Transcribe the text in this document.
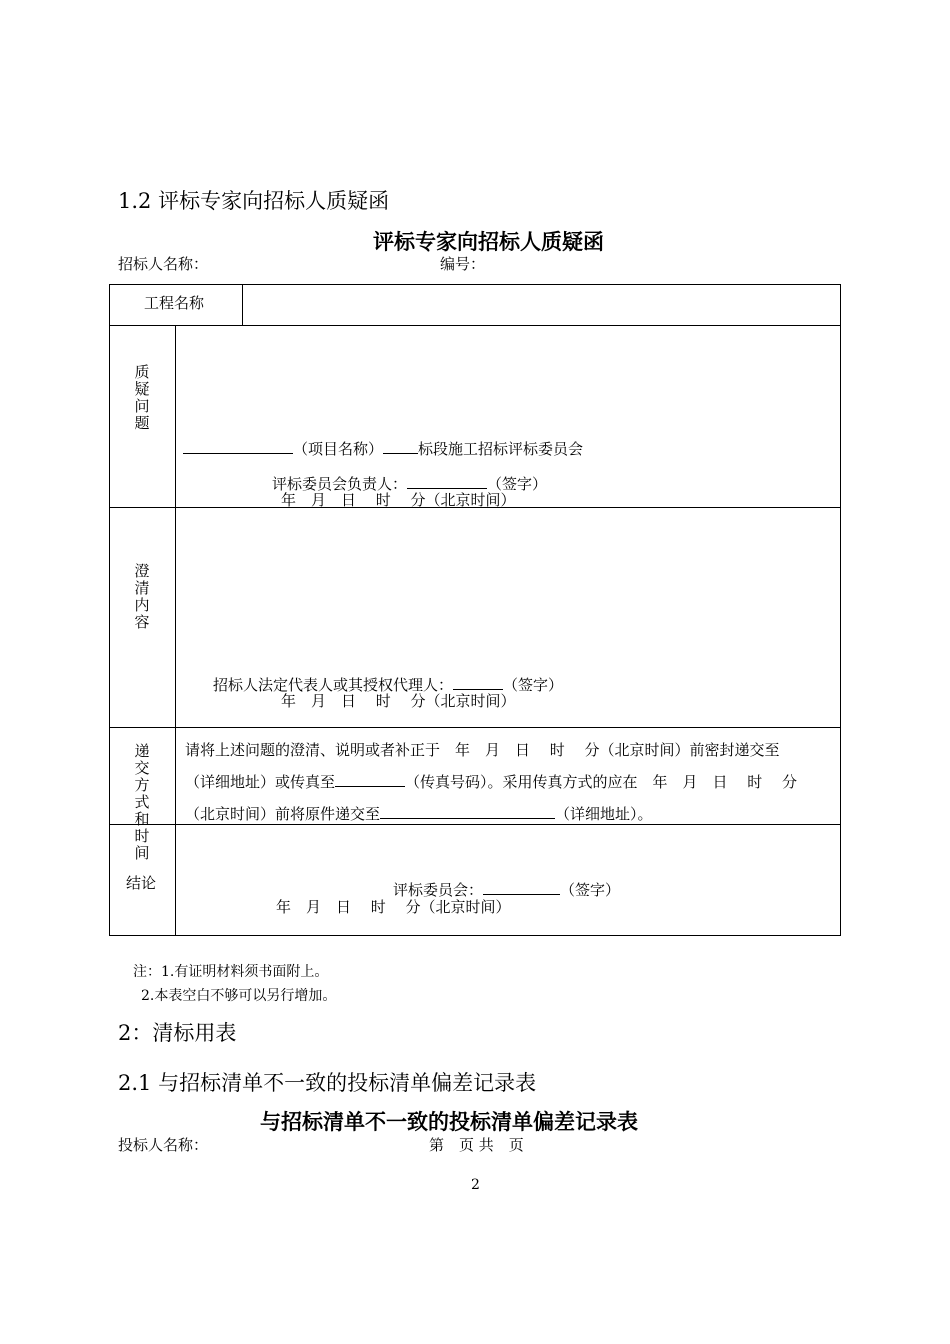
1.2 评标专家向招标人质疑函
评标专家向招标人质疑函
招标人名称：	编号：
工程名称
质疑问题
（项目名称） 标段施工招标评标委员会
评标委员会负责人：	（签字）
年　月　日　 时　 分（北京时间）
澄清内容
招标人法定代表人或其授权代理人：	（签字）
年　月　日　 时　 分（北京时间）
递交方式和时间
请将上述问题的澄清、说明或者补正于　年　月　日　 时　 分（北京时间）前密封递交至
（详细地址）或传真至	（传真号码）。采用传真方式的应在　年　月　日　 时　 分
（北京时间）前将原件递交至	（详细地址）。
结论	评标委员会：	（签字）
年　月　日　 时　 分（北京时间）
注：1.有证明材料须书面附上。
2.本表空白不够可以另行增加。
2：清标用表
2.1 与招标清单不一致的投标清单偏差记录表
与招标清单不一致的投标清单偏差记录表
投标人名称：	第　页 共　页
2
